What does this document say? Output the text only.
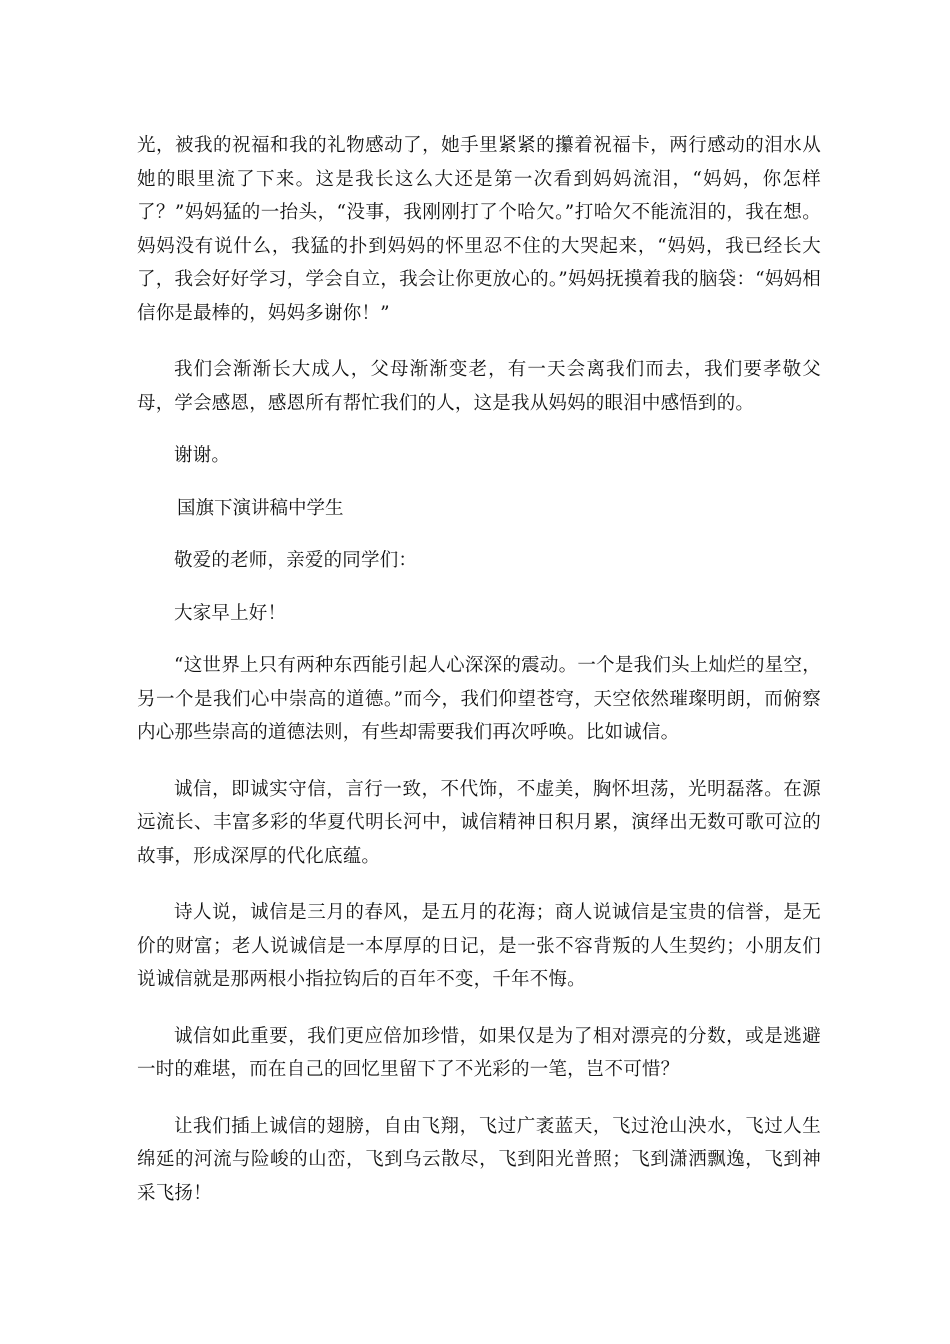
光，被我的祝福和我的礼物感动了，她手里紧紧的攥着祝福卡，两行感动的泪水从她的眼里流了下来。这是我长这么大还是第一次看到妈妈流泪，“妈妈，你怎样了？”妈妈猛的一抬头，“没事，我刚刚打了个哈欠。”打哈欠不能流泪的，我在想。妈妈没有说什么，我猛的扑到妈妈的怀里忍不住的大哭起来，“妈妈，我已经长大了，我会好好学习，学会自立，我会让你更放心的。”妈妈抚摸着我的脑袋：“妈妈相信你是最棒的，妈妈多谢你！”

我们会渐渐长大成人，父母渐渐变老，有一天会离我们而去，我们要孝敬父母，学会感恩，感恩所有帮忙我们的人，这是我从妈妈的眼泪中感悟到的。

谢谢。

国旗下演讲稿中学生

敬爱的老师，亲爱的同学们：

大家早上好！

“这世界上只有两种东西能引起人心深深的震动。一个是我们头上灿烂的星空，另一个是我们心中崇高的道德。”而今，我们仰望苍穹，天空依然璀璨明朗，而俯察内心那些崇高的道德法则，有些却需要我们再次呼唤。比如诚信。

诚信，即诚实守信，言行一致，不代饰，不虚美，胸怀坦荡，光明磊落。在源远流长、丰富多彩的华夏代明长河中，诚信精神日积月累，演绎出无数可歌可泣的故事，形成深厚的代化底蕴。

诗人说，诚信是三月的春风，是五月的花海；商人说诚信是宝贵的信誉，是无价的财富；老人说诚信是一本厚厚的日记，是一张不容背叛的人生契约；小朋友们说诚信就是那两根小指拉钩后的百年不变，千年不悔。

诚信如此重要，我们更应倍加珍惜，如果仅是为了相对漂亮的分数，或是逃避一时的难堪，而在自己的回忆里留下了不光彩的一笔，岂不可惜？

让我们插上诚信的翅膀，自由飞翔，飞过广袤蓝天，飞过沧山泱水，飞过人生绵延的河流与险峻的山峦，飞到乌云散尽，飞到阳光普照；飞到潇洒飘逸，飞到神采飞扬！
